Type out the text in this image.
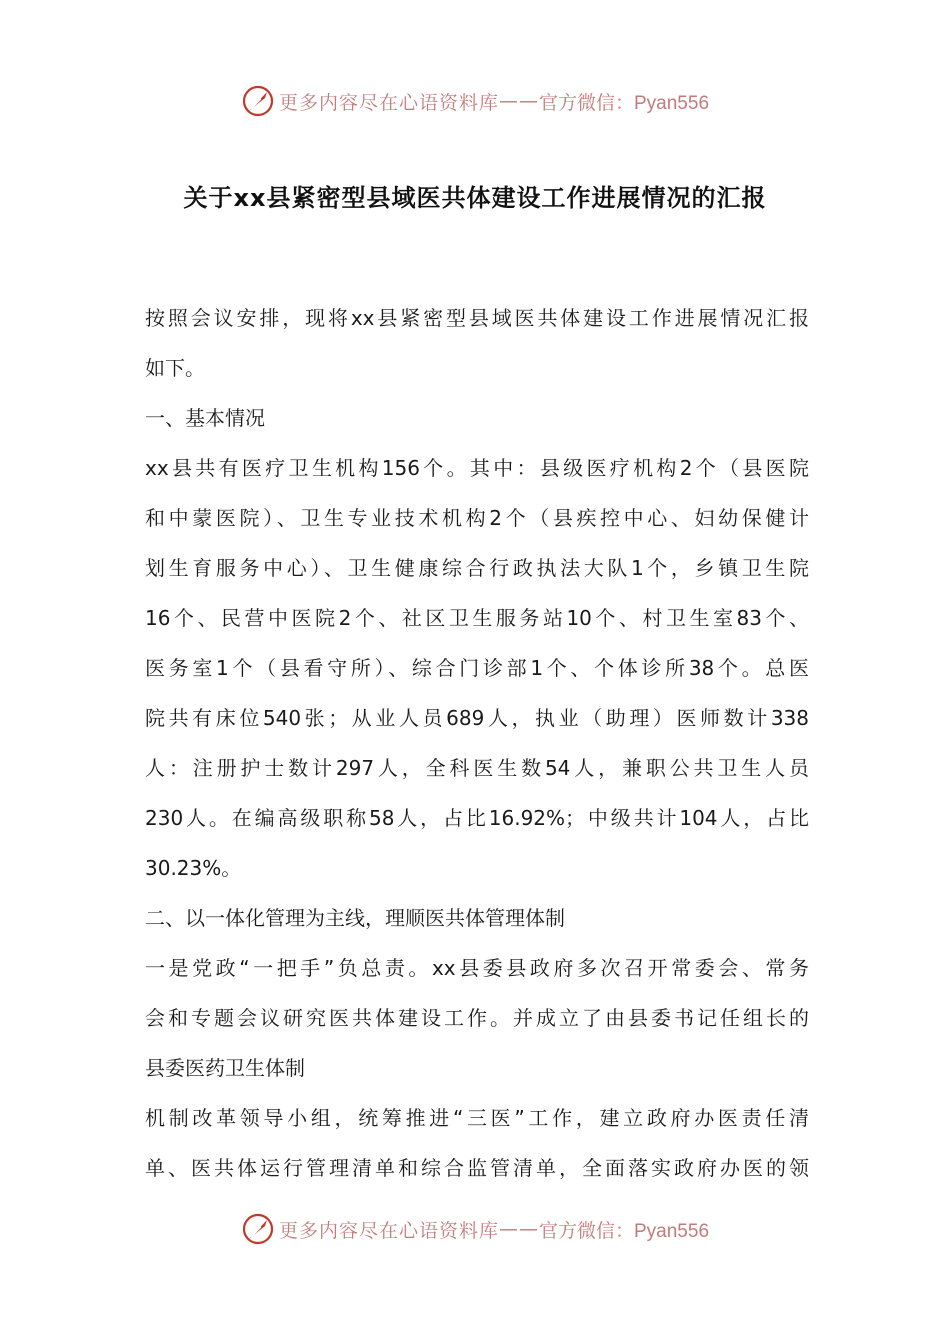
更多内容尽在心语资料库 —— 官方微信：Pyan556
关于xx县紧密型县域医共体建设工作进展情况的汇报
按照会议安排，现将xx县紧密型县域医共体建设工作进展情况汇报
如下。
一、基本情况
xx县共有医疗卫生机构156个。其中：县级医疗机构2个（县医院
和中蒙医院）、卫生专业技术机构2个（县疾控中心、妇幼保健计
划生育服务中心）、卫生健康综合行政执法大队1个，乡镇卫生院
16个、民营中医院2个、社区卫生服务站10个、村卫生室83个、
医务室1个（县看守所）、综合门诊部1个、个体诊所38个。总医
院共有床位540张；从业人员689人，执业（助理）医师数计338
人：注册护士数计297人，全科医生数54人，兼职公共卫生人员
230人。在编高级职称58人，占比16.92%；中级共计104人，占比
30.23%。
二、以一体化管理为主线，理顺医共体管理体制
一是党政“一把手”负总责。xx县委县政府多次召开常委会、常务
会和专题会议研究医共体建设工作。并成立了由县委书记任组长的
县委医药卫生体制
机制改革领导小组，统筹推进“三医”工作，建立政府办医责任清
单、医共体运行管理清单和综合监管清单，全面落实政府办医的领
更多内容尽在心语资料库 —— 官方微信：Pyan556
